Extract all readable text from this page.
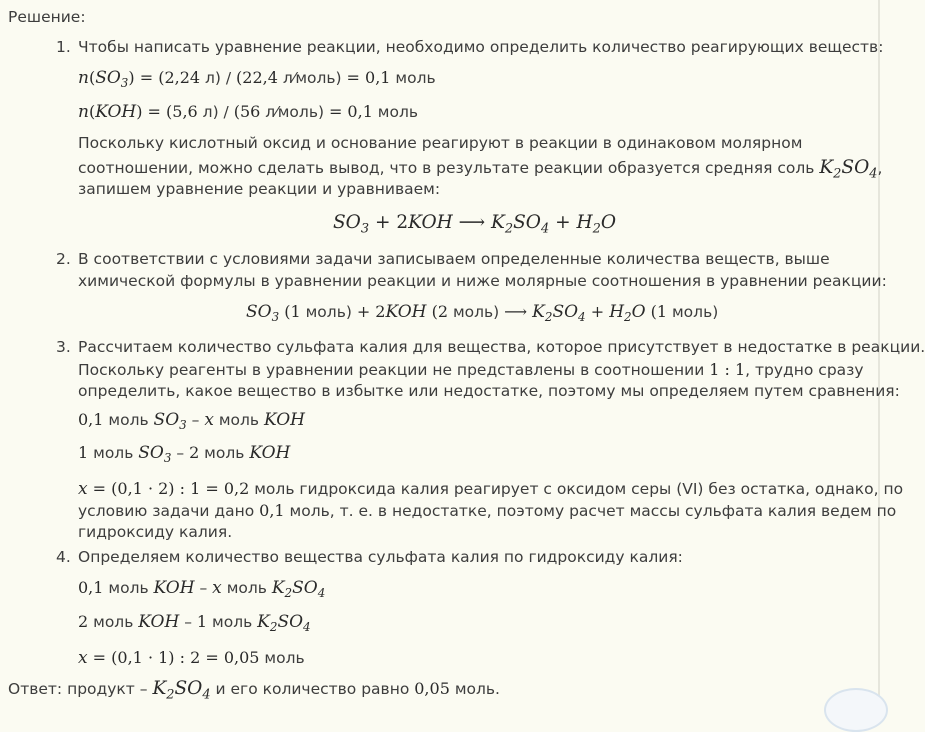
Решение:
1. Чтобы написать уравнение реакции, необходимо определить количество реагирующих веществ:
$n(SO_3) = (2,24$ л) / (22,4 л⁄моль) = 0,1 моль
n(KOH) = (5,6 л) / (56 л⁄моль) = 0,1 моль
Поскольку кислотный оксид и основание реагируют в реакции в одинаковом молярном
соотношении, можно сделать вывод, что в результате реакции образуется средняя соль $K_2SO_4$,
запишем уравнение реакции и уравниваем:
$SO_3 + 2KOH$ ⟶ $K_2SO_4 + H_2O$
2. В соответствии с условиями задачи записываем определенные количества веществ, выше
химической формулы в уравнении реакции и ниже молярные соотношения в уравнении реакции:
$SO_3$ (1 моль) + 2KOH (2 моль) ⟶ $K_2SO_4 + H_2O$ (1 моль)
3. Рассчитаем количество сульфата калия для вещества, которое присутствует в недостатке в реакции.
Поскольку реагенты в уравнении реакции не представлены в соотношении 1 : 1, трудно сразу
определить, какое вещество в избытке или недостатке, поэтому мы определяем путем сравнения:
0,1 моль $SO_3$ – x моль KOH
1 моль $SO_3 - 2$ моль KOH
x = (0,1 · 2) : 1 = 0,2 моль гидроксида калия реагирует с оксидом серы (VI) без остатка, однако, по
условию задачи дано 0,1 моль, т. е. в недостатке, поэтому расчет массы сульфата калия ведем по
гидроксиду калия.
4. Определяем количество вещества сульфата калия по гидроксиду калия:
0,1 моль KOH – x моль $K_2SO_4$
2 моль KOH – 1 моль $K_2SO_4$
x = (0,1 · 1) : 2 = 0,05 моль
Ответ: продукт – $K_2SO_4$ и его количество равно 0,05 моль.
